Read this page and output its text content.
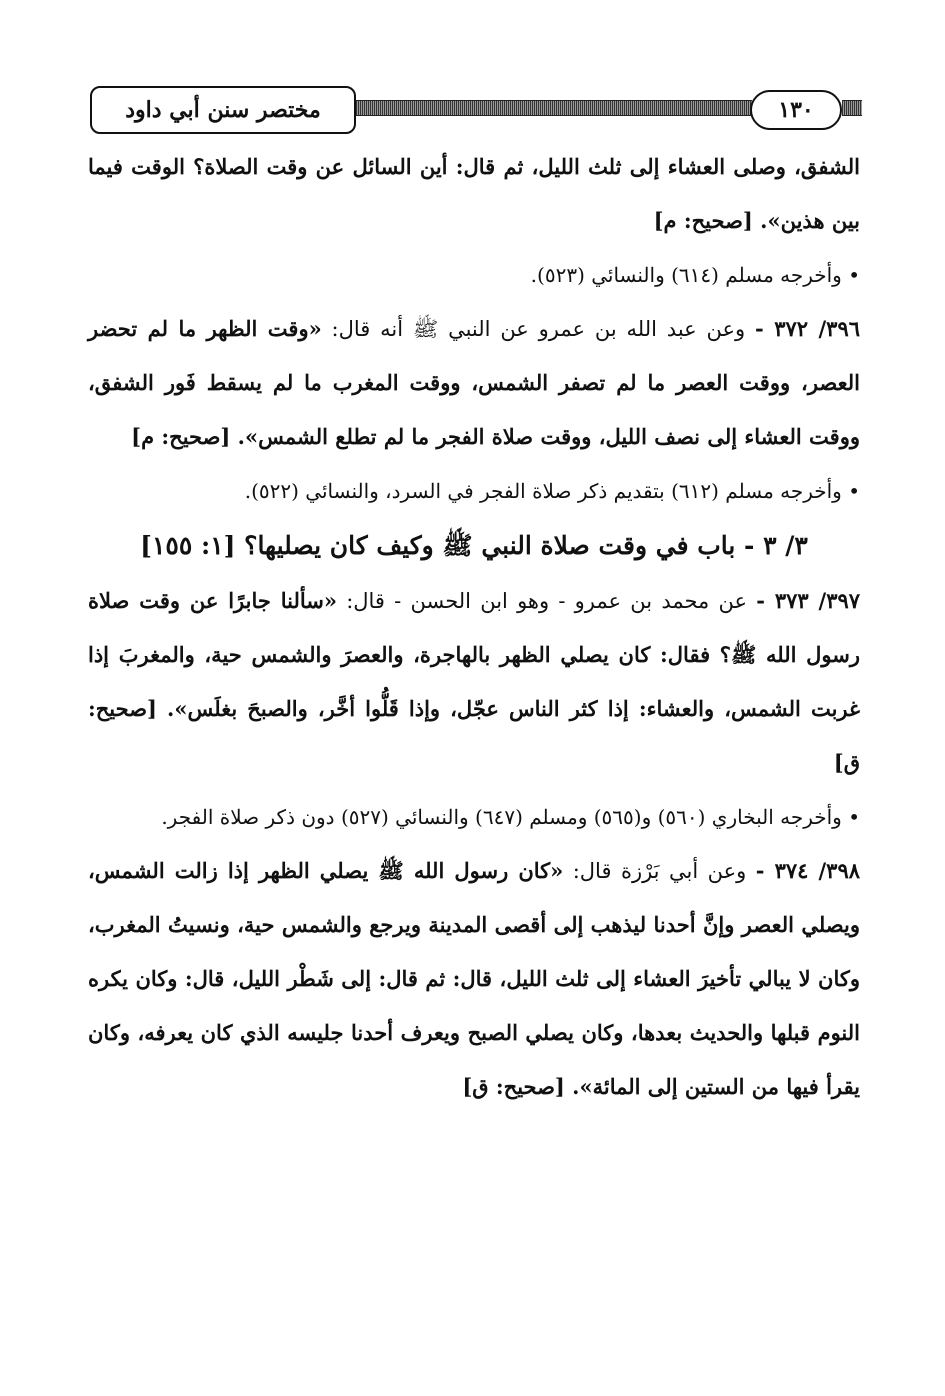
مختصر سنن أبي داود	١٣٠

الشفق، وصلى العشاء إلى ثلث الليل، ثم قال: أين السائل عن وقت الصلاة؟ الوقت فيما بين هذين». [صحيح: م]

• وأخرجه مسلم (٦١٤) والنسائي (٥٢٣).

٣٩٦/ ٣٧٢ - وعن عبد الله بن عمرو عن النبي ﷺ أنه قال: «وقت الظهر ما لم تحضر العصر، ووقت العصر ما لم تصفر الشمس، ووقت المغرب ما لم يسقط فَور الشفق، ووقت العشاء إلى نصف الليل، ووقت صلاة الفجر ما لم تطلع الشمس». [صحيح: م]

• وأخرجه مسلم (٦١٢) بتقديم ذكر صلاة الفجر في السرد، والنسائي (٥٢٢).

٣/ ٣ - باب في وقت صلاة النبي ﷺ وكيف كان يصليها؟ [١: ١٥٥]

٣٩٧/ ٣٧٣ - عن محمد بن عمرو - وهو ابن الحسن - قال: «سألنا جابرًا عن وقت صلاة رسول الله ﷺ؟ فقال: كان يصلي الظهر بالهاجرة، والعصرَ والشمس حية، والمغربَ إذا غربت الشمس، والعشاء: إذا كثر الناس عجّل، وإذا قَلُّوا أخَّر، والصبحَ بغلَس». [صحيح: ق]

• وأخرجه البخاري (٥٦٠) و(٥٦٥) ومسلم (٦٤٧) والنسائي (٥٢٧) دون ذكر صلاة الفجر.

٣٩٨/ ٣٧٤ - وعن أبي بَرْزة قال: «كان رسول الله ﷺ يصلي الظهر إذا زالت الشمس، ويصلي العصر وإنَّ أحدنا ليذهب إلى أقصى المدينة ويرجع والشمس حية، ونسيتُ المغرب، وكان لا يبالي تأخيرَ العشاء إلى ثلث الليل، قال: ثم قال: إلى شَطْر الليل، قال: وكان يكره النوم قبلها والحديث بعدها، وكان يصلي الصبح ويعرف أحدنا جليسه الذي كان يعرفه، وكان يقرأ فيها من الستين إلى المائة». [صحيح: ق]
